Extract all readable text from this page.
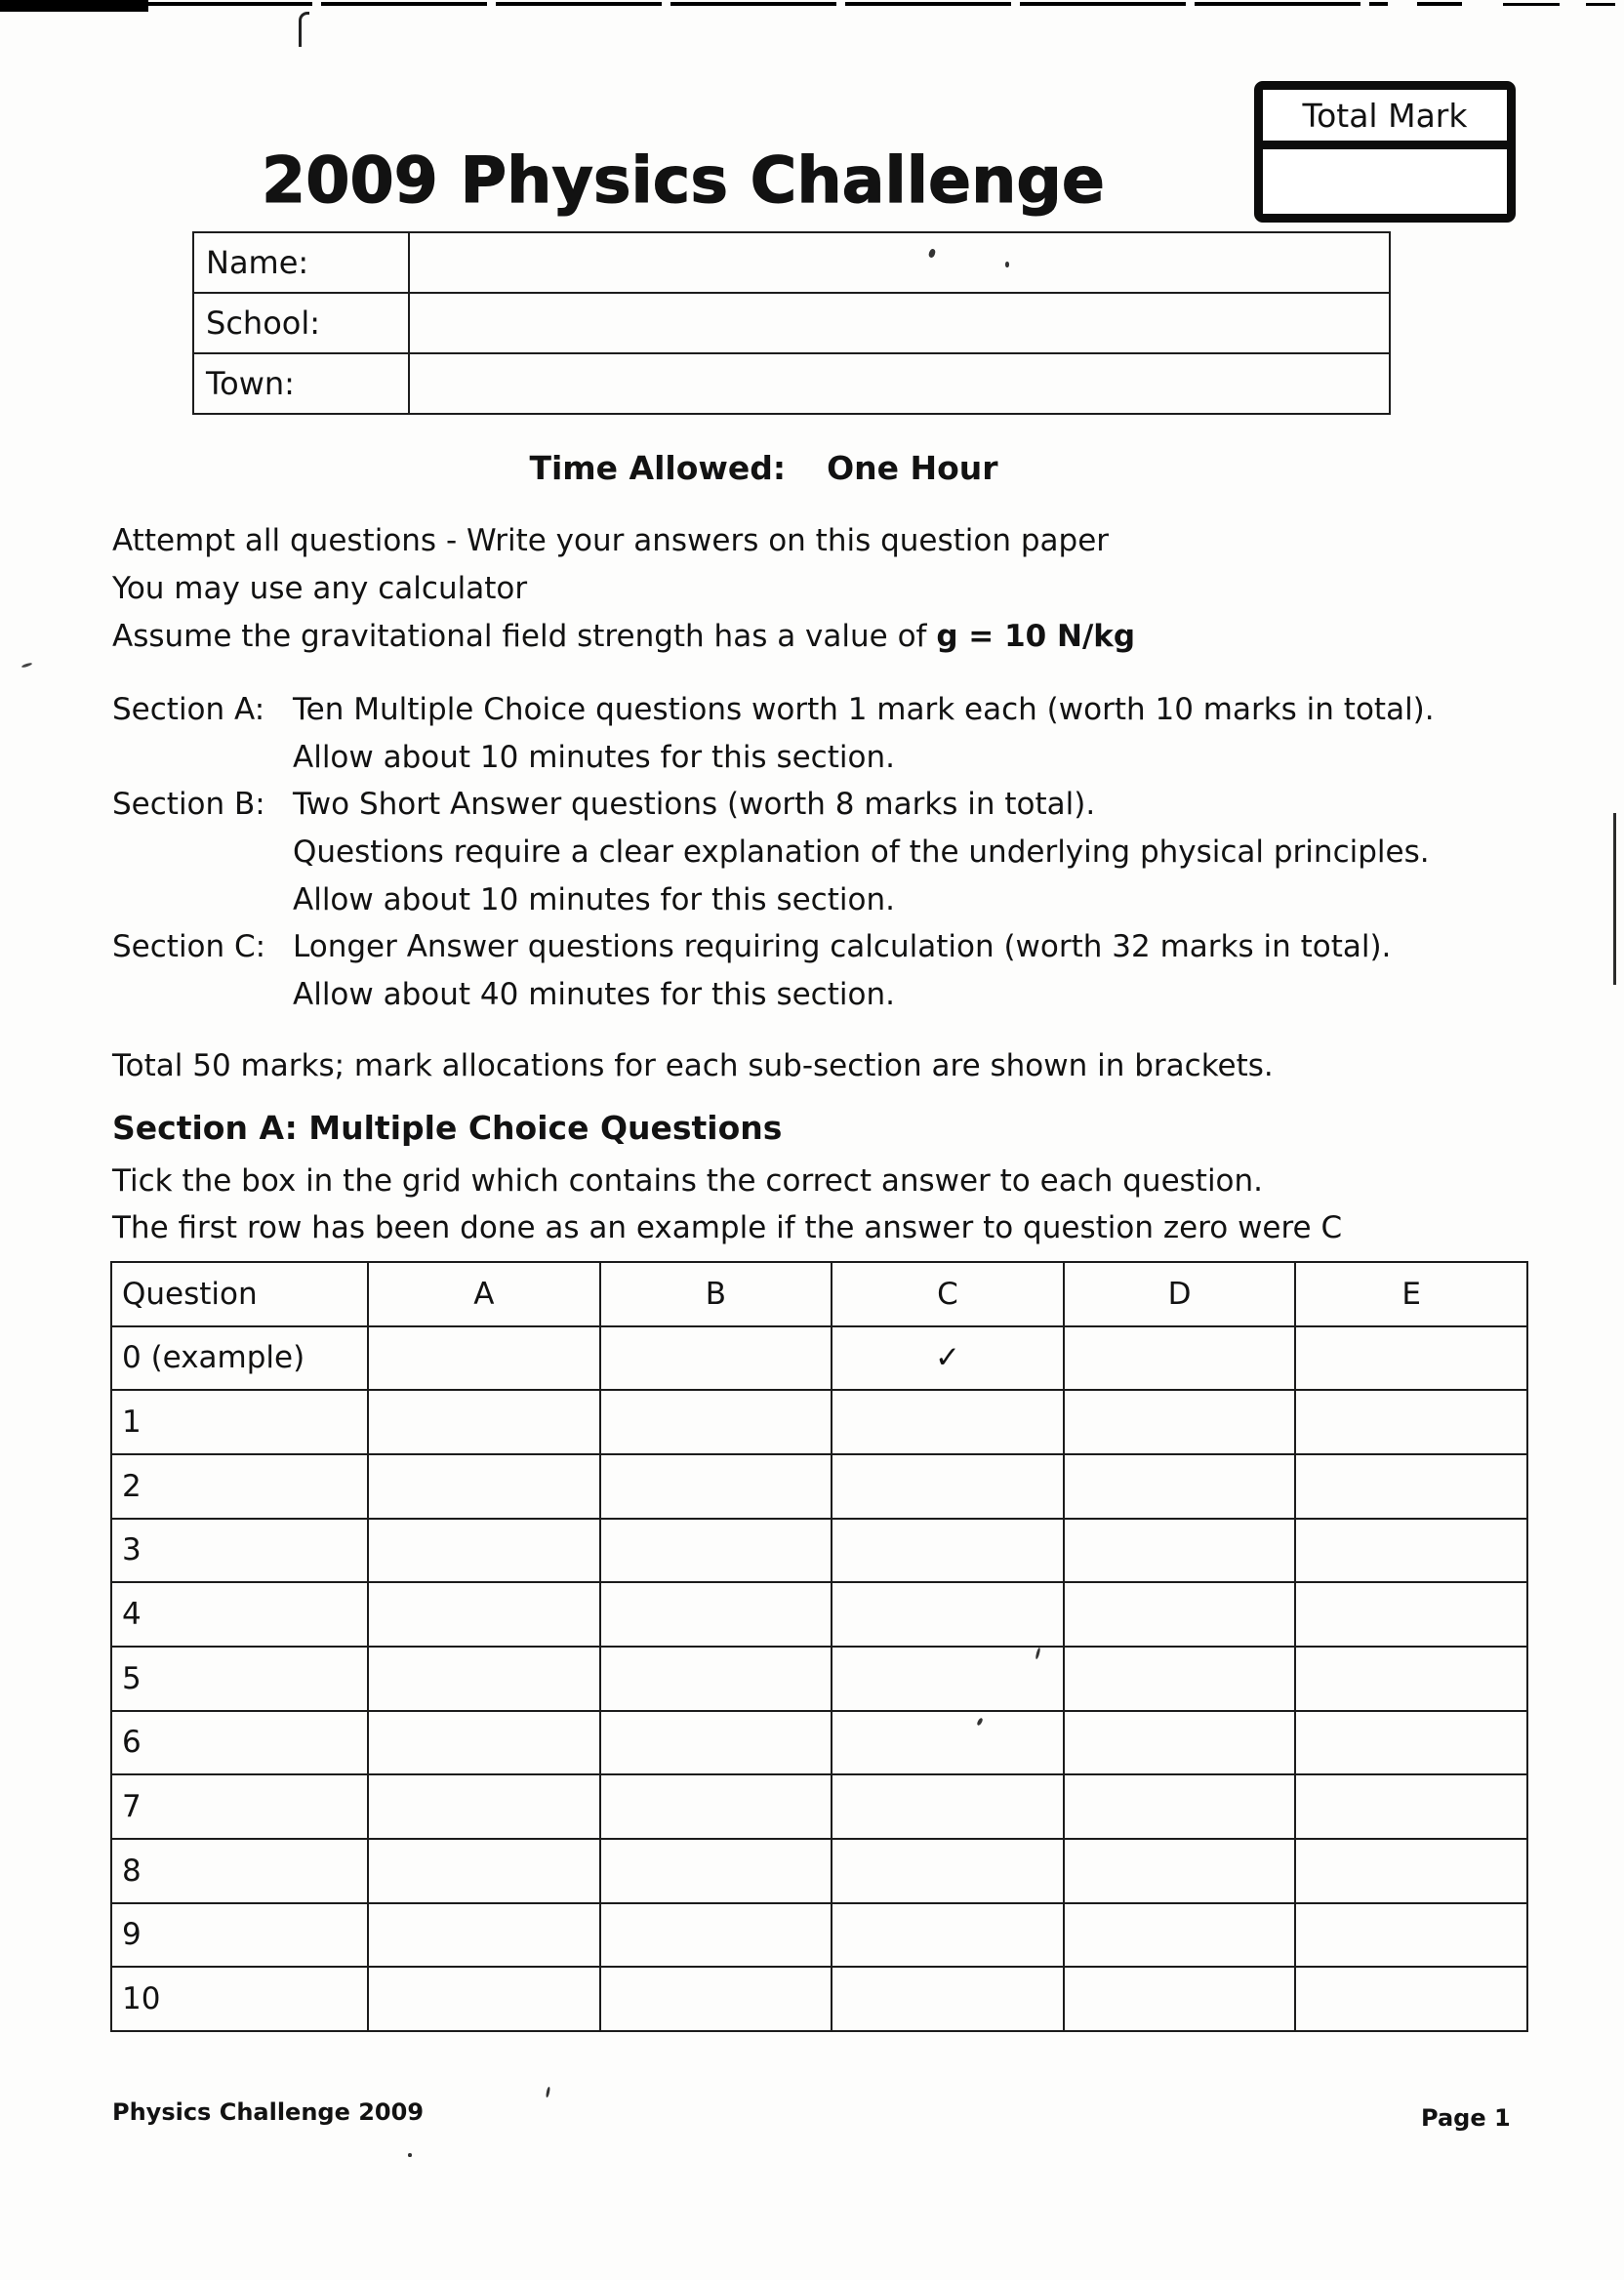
2009 Physics Challenge
Total Mark
Name:	
School:	
Town:	
Time Allowed: One Hour
Attempt all questions - Write your answers on this question paper
You may use any calculator
Assume the gravitational field strength has a value of g = 10 N/kg
Section A: Ten Multiple Choice questions worth 1 mark each (worth 10 marks in total).
Allow about 10 minutes for this section.
Section B: Two Short Answer questions (worth 8 marks in total).
Questions require a clear explanation of the underlying physical principles.
Allow about 10 minutes for this section.
Section C: Longer Answer questions requiring calculation (worth 32 marks in total).
Allow about 40 minutes for this section.
Total 50 marks; mark allocations for each sub-section are shown in brackets.
Section A: Multiple Choice Questions
Tick the box in the grid which contains the correct answer to each question.
The first row has been done as an example if the answer to question zero were C
Question	A	B	C	D	E
0 (example)			✓		
1					
2					
3					
4					
5					
6					
7					
8					
9					
10					
Physics Challenge 2009	Page 1
